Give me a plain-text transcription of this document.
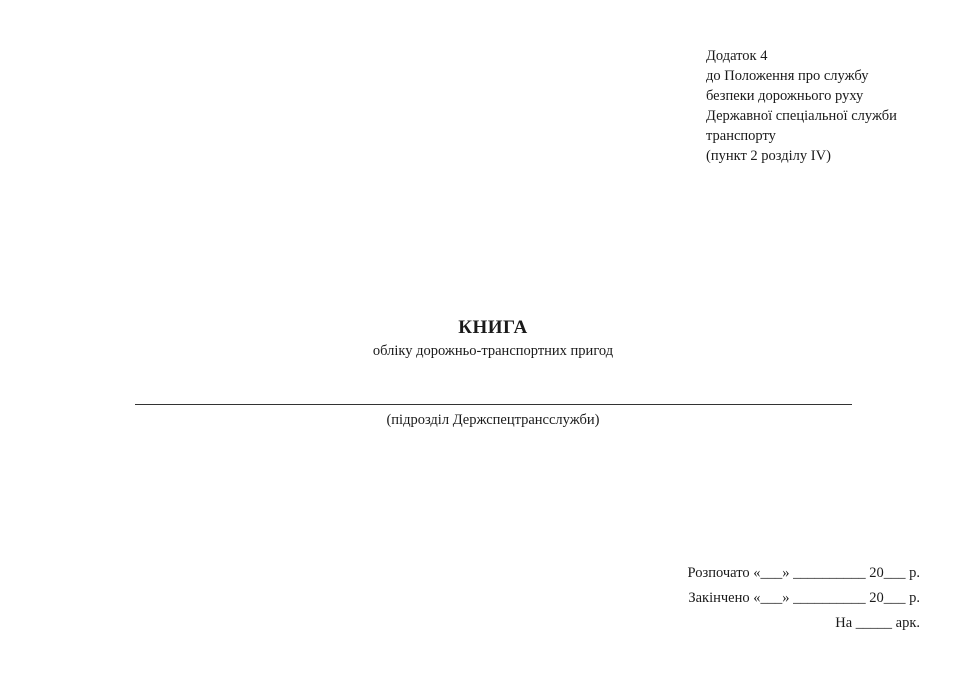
Додаток 4
до Положення про службу
безпеки дорожнього руху
Державної спеціальної служби
транспорту
(пункт 2 розділу IV)
КНИГА
обліку дорожньо-транспортних пригод
(підрозділ Держспецтрансслужби)
Розпочато «___» __________ 20___ р.
Закінчено «___» __________ 20___ р.
На _____ арк.
